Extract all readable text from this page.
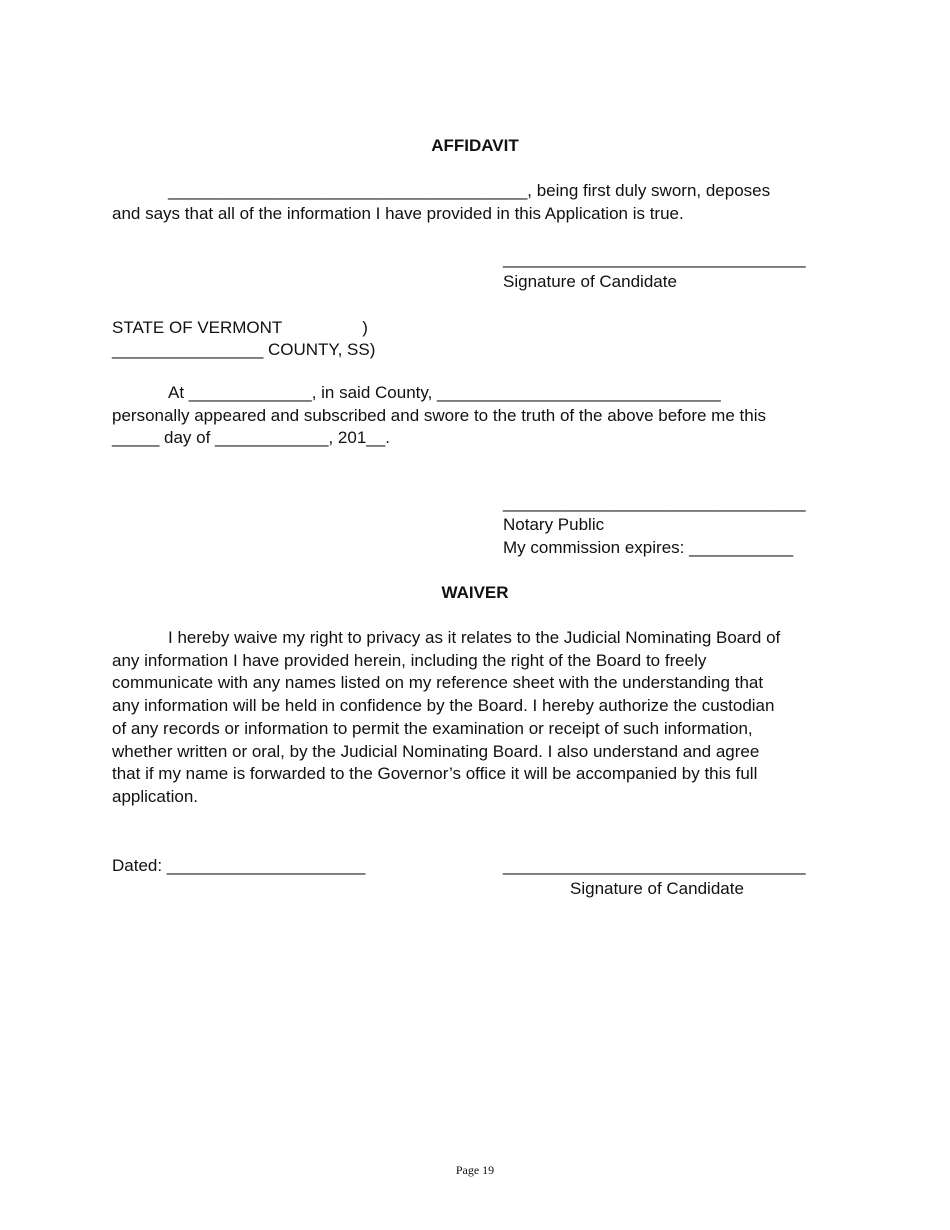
AFFIDAVIT

______________________________________, being first duly sworn, deposes and says that all of the information I have provided in this Application is true.

________________________________
Signature of Candidate
STATE OF VERMONT                 )
________________ COUNTY, SS)

At _____________, in said County, ______________________________ personally appeared and subscribed and swore to the truth of the above before me this _____ day of ____________, 201__.

________________________________
Notary Public
My commission expires: ___________
WAIVER

I hereby waive my right to privacy as it relates to the Judicial Nominating Board of any information I have provided herein, including the right of the Board to freely communicate with any names listed on my reference sheet with the understanding that any information will be held in confidence by the Board. I hereby authorize the custodian of any records or information to permit the examination or receipt of such information, whether written or oral, by the Judicial Nominating Board. I also understand and agree that if my name is forwarded to the Governor’s office it will be accompanied by this full application.

Dated: _____________________	________________________________
Signature of Candidate
Page 19
